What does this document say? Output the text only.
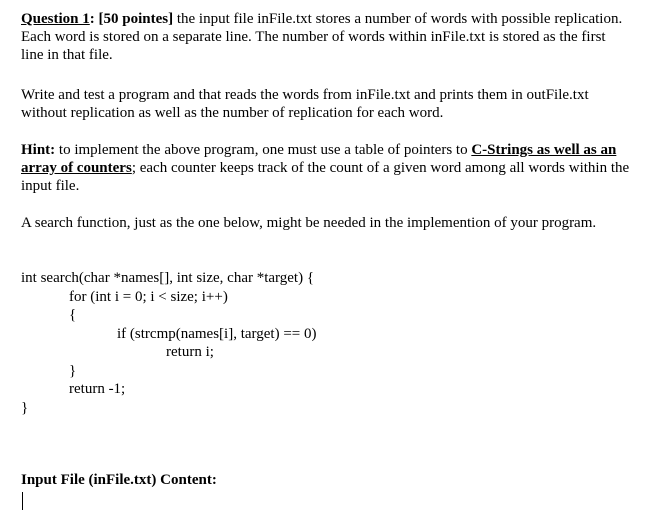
Question 1: [50 pointes] the input file inFile.txt stores a number of words with possible replication. Each word is stored on a separate line. The number of words within inFile.txt is stored as the first line in that file.

Write and test a program and that reads the words from inFile.txt and prints them in outFile.txt without replication as well as the number of replication for each word.

Hint: to implement the above program, one must use a table of pointers to C-Strings as well as an array of counters; each counter keeps track of the count of a given word among all words within the input file.

A search function, just as the one below, might be needed in the implemention of your program.

int search(char *names[], int size, char *target) {
for (int i = 0; i < size; i++)
{
if (strcmp(names[i], target) == 0)
return i;
}
return -1;
}

Input File (inFile.txt) Content:
